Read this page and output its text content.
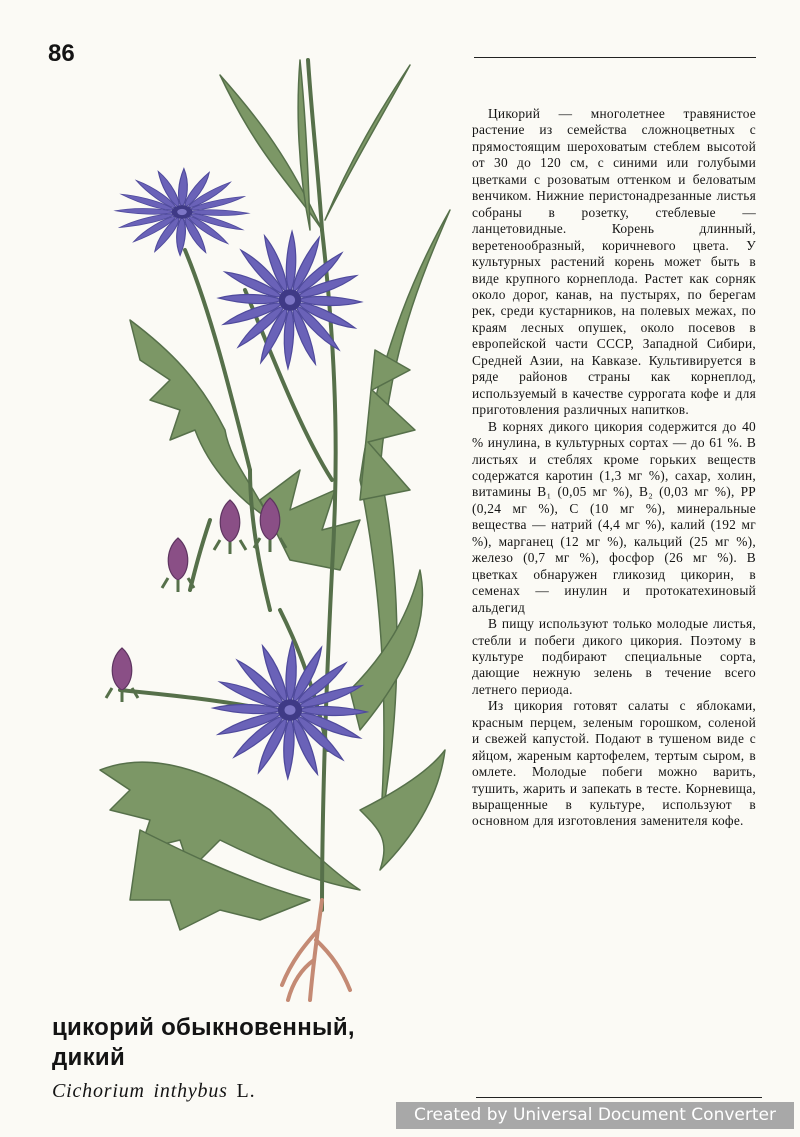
86

Цикорий — многолетнее травянистое растение из семейства сложноцветных с прямостоящим шероховатым стеблем высотой от 30 до 120 см, с синими или голубыми цветками с розоватым оттенком и беловатым венчиком. Нижние перистонадрезанные листья собраны в розетку, стеблевые — ланцетовидные. Корень длинный, веретенообразный, коричневого цвета. У культурных растений корень может быть в виде крупного корнеплода. Растет как сорняк около дорог, канав, на пустырях, по берегам рек, среди кустарников, на полевых межах, по краям лесных опушек, около посевов в европейской части СССР, Западной Сибири, Средней Азии, на Кавказе. Культивируется в ряде районов страны как корнеплод, используемый в качестве суррогата кофе и для приготовления различных напитков.

В корнях дикого цикория содержится до 40 % инулина, в культурных сортах — до 61 %. В листьях и стеблях кроме горьких веществ содержатся каротин (1,3 мг %), сахар, холин, витамины B₁ (0,05 мг %), B₂ (0,03 мг %), PP (0,24 мг %), C (10 мг %), минеральные вещества — натрий (4,4 мг %), калий (192 мг %), марганец (12 мг %), кальций (25 мг %), железо (0,7 мг %), фосфор (26 мг %). В цветках обнаружен гликозид цикорин, в семенах — инулин и протокатехиновый альдегид

В пищу используют только молодые листья, стебли и побеги дикого цикория. Поэтому в культуре подбирают специальные сорта, дающие нежную зелень в течение всего летнего периода.

Из цикория готовят салаты с яблоками, красным перцем, зеленым горошком, соленой и свежей капустой. Подают в тушеном виде с яйцом, жареным картофелем, тертым сыром, в омлете. Молодые побеги можно варить, тушить, жарить и запекать в тесте. Корневища, выращенные в культуре, используют в основном для изготовления заменителя кофе.

цикорий обыкновенный,
дикий
Cichorium inthybus L.
Created by Universal Document Converter
